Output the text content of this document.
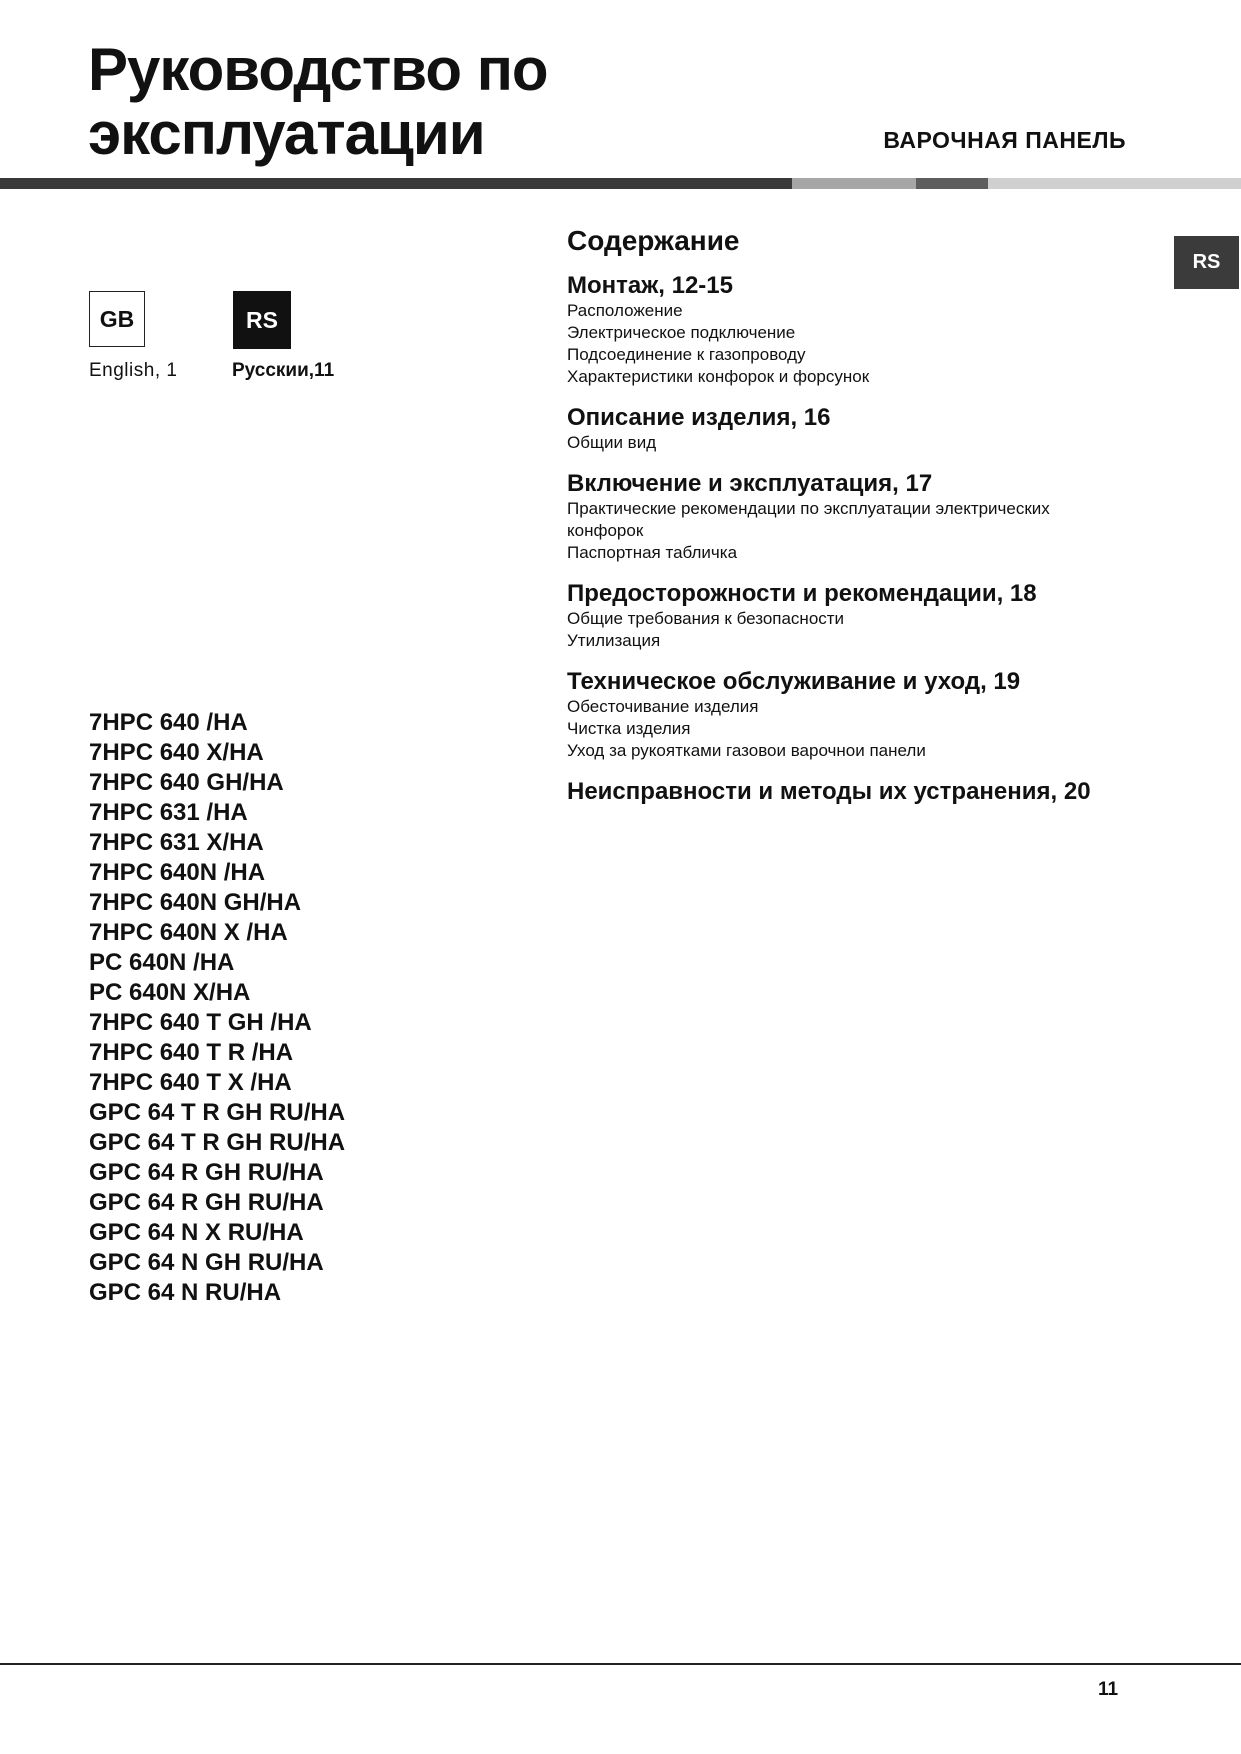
Руководство по
эксплуатации	ВАРОЧНАЯ ПАНЕЛЬ
RS
GB	RS
English, 1	Русскии,11
7HPC 640 /HA
7HPC 640 X/HA
7HPC 640 GH/HA
7HPC 631 /HA
7HPC 631 X/HA
7HPC 640N /HA
7HPC 640N GH/HA
7HPC 640N X /HA
PC 640N /HA
PC 640N X/HA
7HPC 640 T GH /HA
7HPC 640 T R /HA
7HPC 640 T X /HA
GPC 64 T R GH RU/HA
GPC 64 T R GH RU/HA
GPC 64 R GH RU/HA
GPC 64 R GH RU/HA
GPC 64 N X RU/HA
GPC 64 N GH RU/HA
GPC 64 N RU/HA
Содержание
Монтаж, 12-15
Расположение
Электрическое подключение
Подсоединение к газопроводу
Характеристики конфорок и форсунок
Описание изделия, 16
Общии вид
Включение и эксплуатация, 17
Практические рекомендации по эксплуатации электрических конфорок
Паспортная табличка
Предосторожности и рекомендации, 18
Общие требования к безопасности
Утилизация
Техническое обслуживание и уход, 19
Обесточивание изделия
Чистка изделия
Уход за рукоятками газовои варочнои панели
Неисправности и методы их устранения, 20
11
